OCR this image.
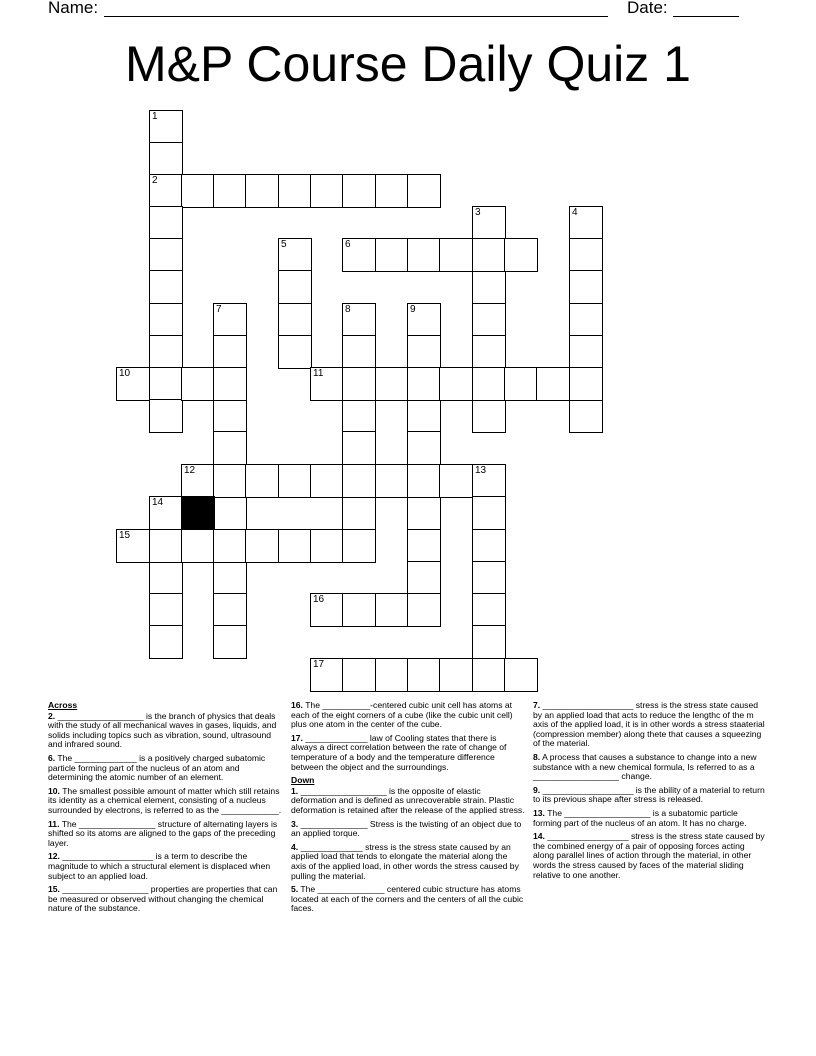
Name:	Date:
M&P Course Daily Quiz 1
1
2
3	4
5	6
7	8	9
10	11
12	13
14
15
16
17
Across
2. __________________ is the branch of physics that deals with the study of all mechanical waves in gases, liquids, and solids including topics such as vibration, sound, ultrasound and infrared sound.
6. The _____________ is a positively charged subatomic particle forming part of the nucleus of an atom and determining the atomic number of an element.
10. The smallest possible amount of matter which still retains its identity as a chemical element, consisting of a nucleus surrounded by electrons, is referred to as the ____________.
11. The ________________ structure of alternating layers is shifted so its atoms are aligned to the gaps of the preceding layer.
12. ___________________ is a term to describe the magnitude to which a structural element is displaced when subject to an applied load.
15. __________________ properties are properties that can be measured or observed without changing the chemical nature of the substance.
16. The __________-centered cubic unit cell has atoms at each of the eight corners of a cube (like the cubic unit cell) plus one atom in the center of the cube.
17. _____________ law of Cooling states that there is always a direct correlation between the rate of change of temperature of a body and the temperature difference between the object and the surroundings.
Down
1. __________________ is the opposite of elastic deformation and is defined as unrecoverable strain. Plastic deformation is retained after the release of the applied stress.
3. ______________ Stress is the twisting of an object due to an applied torque.
4. _____________ stress is the stress state caused by an applied load that tends to elongate the material along the axis of the applied load, in other words the stress caused by pulling the material.
5. The ______________ centered cubic structure has atoms located at each of the corners and the centers of all the cubic faces.
7. ___________________ stress is the stress state caused by an applied load that acts to reduce the lengthc of the m axis of the applied load, it is in other words a stress staaterial (compression member) along thete that causes a squeezing of the material.
8. A process that causes a substance to change into a new substance with a new chemical formula, Is referred to as a __________________ change.
9. ___________________ is the ability of a material to return to its previous shape after stress is released.
13. The __________________ is a subatomic particle forming part of the nucleus of an atom. It has no charge.
14. _________________ stress is the stress state caused by the combined energy of a pair of opposing forces acting along parallel lines of action through the material, in other words the stress caused by faces of the material sliding relative to one another.
